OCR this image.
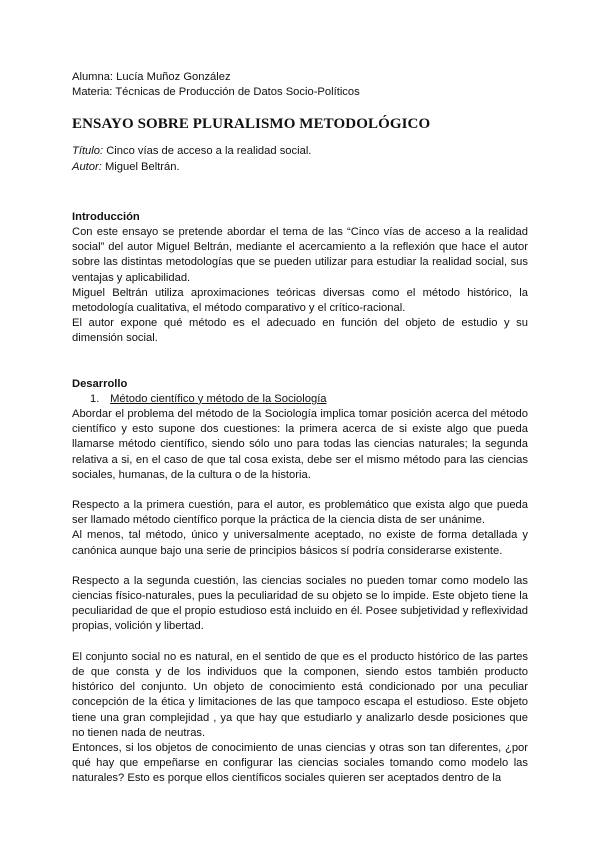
Alumna: Lucía Muñoz González
Materia: Técnicas de Producción de Datos Socio-Políticos
ENSAYO SOBRE PLURALISMO METODOLÓGICO
Título: Cinco vías de acceso a la realidad social.
Autor: Miguel Beltrán.
Introducción

Con este ensayo se pretende abordar el tema de las “Cinco vías de acceso a la realidad social” del autor Miguel Beltrán, mediante el acercamiento a la reflexión que hace el autor sobre las distintas metodologías que se pueden utilizar para estudiar la realidad social, sus ventajas y aplicabilidad.

Miguel Beltrán utiliza aproximaciones teóricas diversas como el método histórico, la metodología cualitativa, el método comparativo y el crítico-racional.

El autor expone qué método es el adecuado en función del objeto de estudio y su dimensión social.

Desarrollo
1. Método científico y método de la Sociología

Abordar el problema del método de la Sociología implica tomar posición acerca del método científico y esto supone dos cuestiones: la primera acerca de si existe algo que pueda llamarse método científico, siendo sólo uno para todas las ciencias naturales; la segunda relativa a si, en el caso de que tal cosa exista, debe ser el mismo método para las ciencias sociales, humanas, de la cultura o de la historia.

Respecto a la primera cuestión, para el autor, es problemático que exista algo que pueda ser llamado método científico porque la práctica de la ciencia dista de ser unánime.

Al menos, tal método, único y universalmente aceptado, no existe de forma detallada y canónica aunque bajo una serie de principios básicos sí podría considerarse existente.

Respecto a la segunda cuestión, las ciencias sociales no pueden tomar como modelo las ciencias físico-naturales, pues la peculiaridad de su objeto se lo impide. Este objeto tiene la peculiaridad de que el propio estudioso está incluido en él. Posee subjetividad y reflexividad propias, volición y libertad.

El conjunto social no es natural, en el sentido de que es el producto histórico de las partes de que consta y de los individuos que la componen, siendo estos también producto histórico del conjunto. Un objeto de conocimiento está condicionado por una peculiar concepción de la ética y limitaciones de las que tampoco escapa el estudioso. Este objeto tiene una gran complejidad , ya que hay que estudiarlo y analizarlo desde posiciones que no tienen nada de neutras.

Entonces, si los objetos de conocimiento de unas ciencias y otras son tan diferentes, ¿por qué hay que empeñarse en configurar las ciencias sociales tomando como modelo las naturales? Esto es porque ellos científicos sociales quieren ser aceptados dentro de la
